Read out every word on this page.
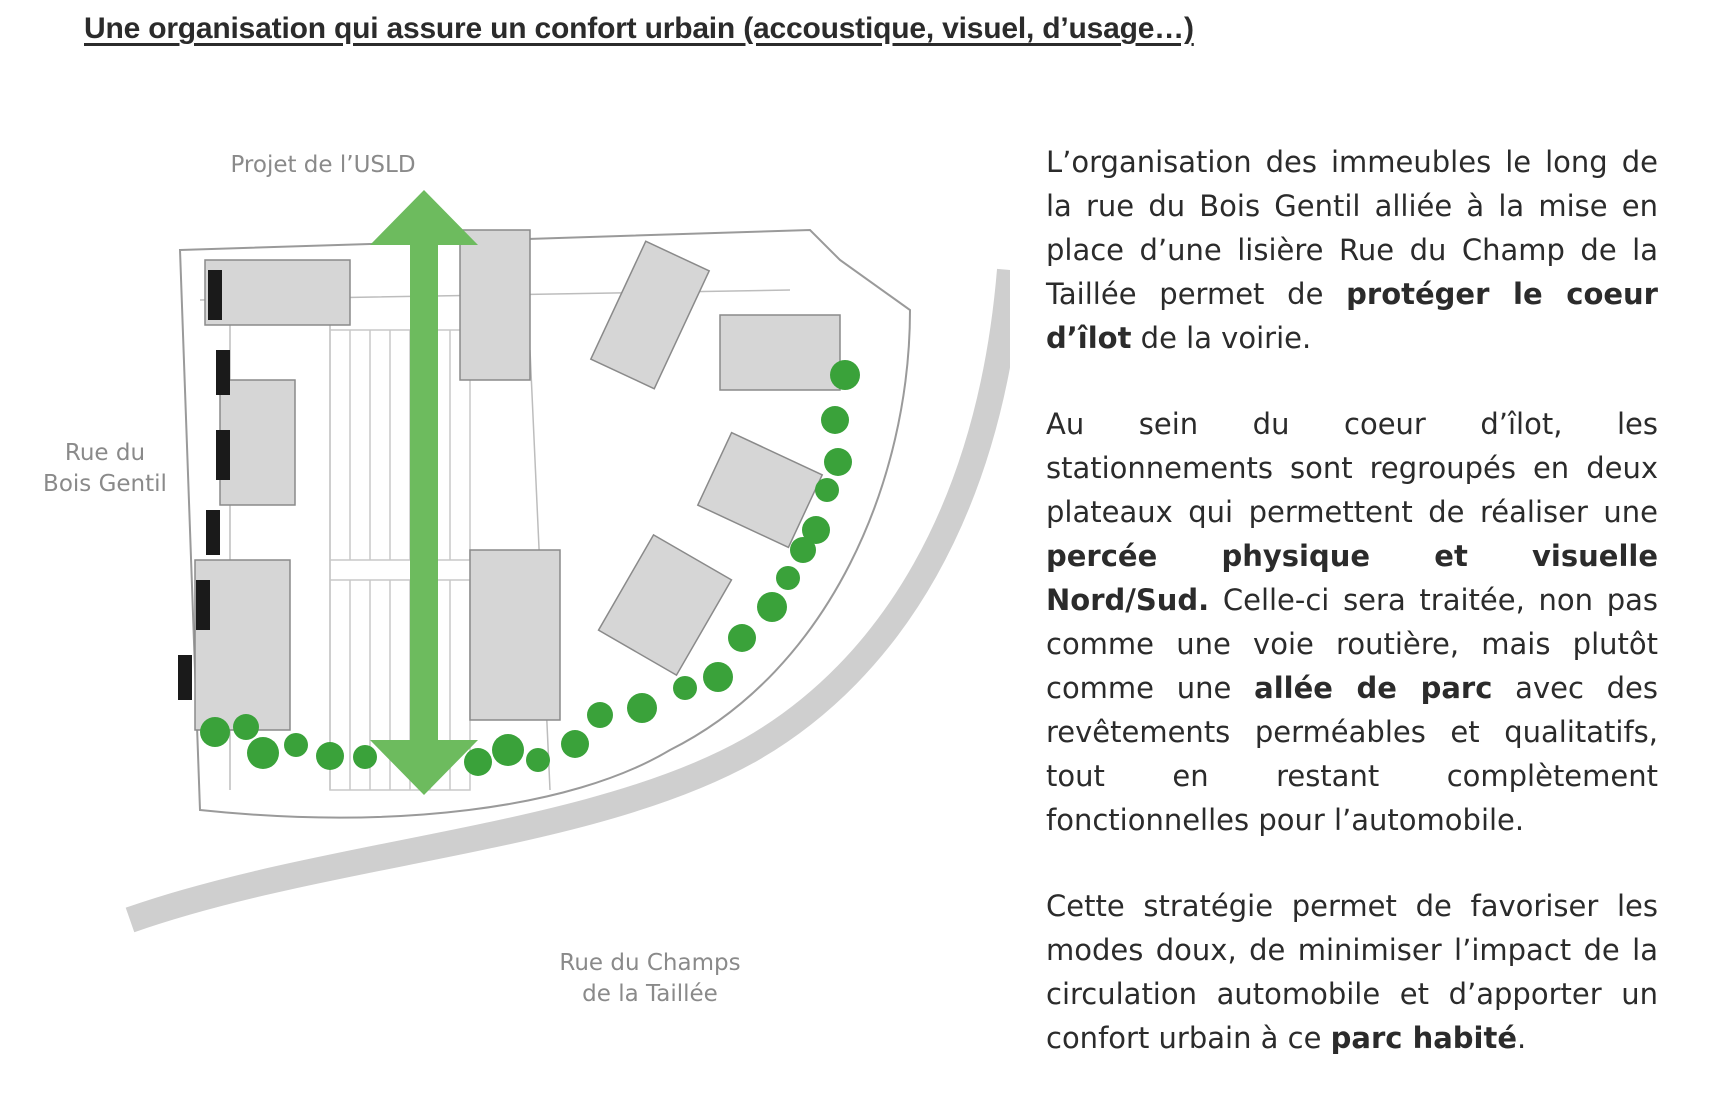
Une organisation qui assure un confort urbain (accoustique, visuel, d’usage…)
Projet de l’USLD
Rue du
Bois Gentil
Rue du Champs
de la Taillée

L’organisation des immeubles le long de la rue du Bois Gentil alliée à la mise en place d’une lisière Rue du Champ de la Taillée permet de protéger le coeur d’îlot de la voirie.

Au sein du coeur d’îlot, les stationnements sont regroupés en deux plateaux qui permettent de réaliser une percée physique et visuelle Nord/Sud. Celle-ci sera traitée, non pas comme une voie routière, mais plutôt comme une allée de parc avec des revêtements perméables et qualitatifs, tout en restant complètement fonctionnelles pour l’automobile.

Cette stratégie permet de favoriser les modes doux, de minimiser l’impact de la circulation automobile et d’apporter un confort urbain à ce parc habité.
